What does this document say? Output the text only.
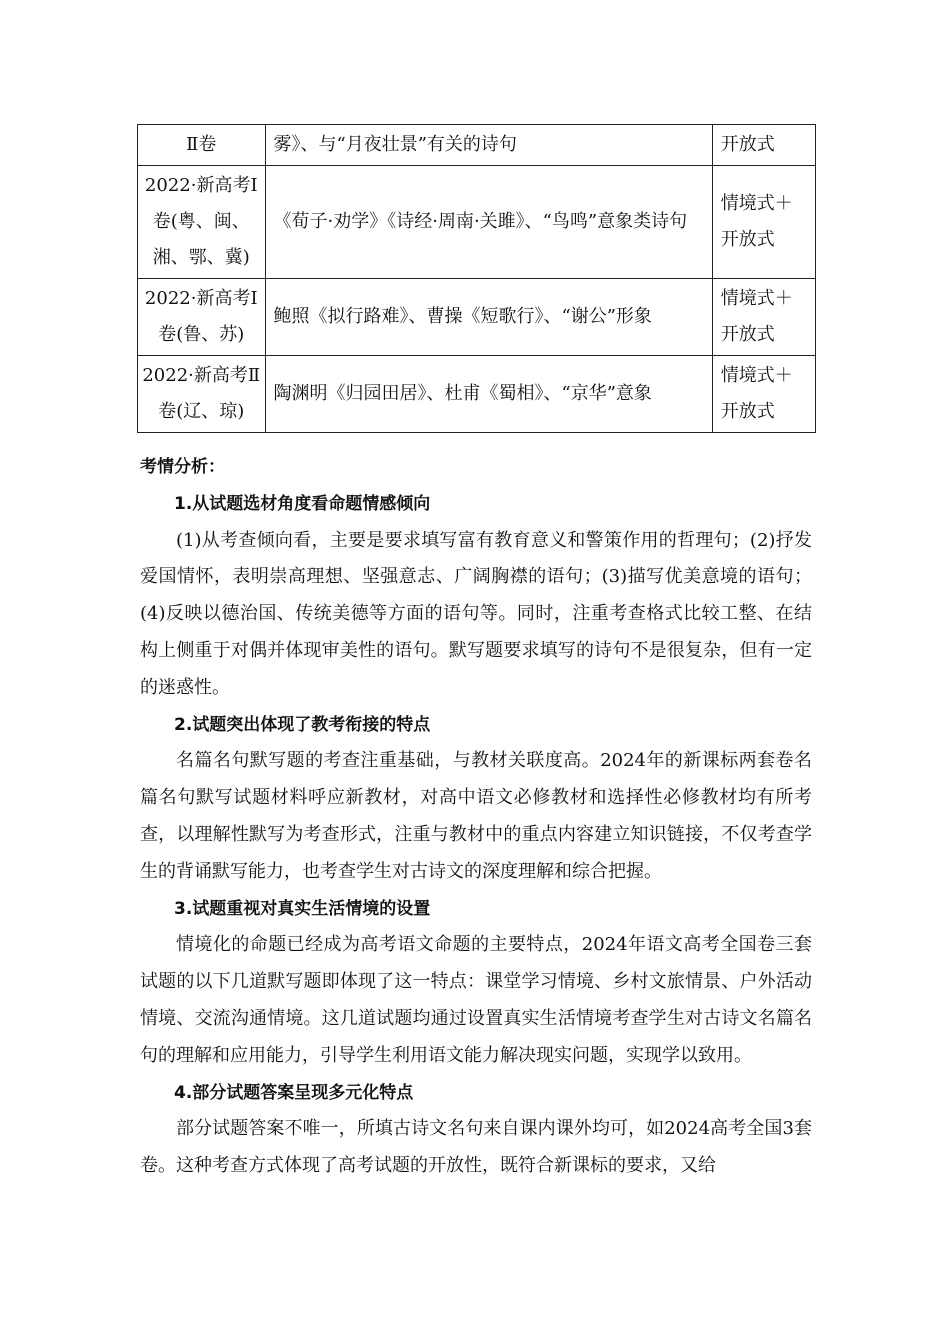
Ⅱ卷	雾》、与“月夜壮景”有关的诗句	开放式
2022·新高考Ⅰ卷(粤、闽、湘、鄂、冀)	《荀子·劝学》《诗经·周南·关雎》、“鸟鸣”意象类诗句	情境式＋开放式
2022·新高考Ⅰ卷(鲁、苏)	鲍照《拟行路难》、曹操《短歌行》、“谢公”形象	情境式＋开放式
2022·新高考Ⅱ卷(辽、琼)	陶渊明《归园田居》、杜甫《蜀相》、“京华”意象	情境式＋开放式

考情分析：

1.从试题选材角度看命题情感倾向

(1)从考查倾向看，主要是要求填写富有教育意义和警策作用的哲理句；(2)抒发爱国情怀，表明崇高理想、坚强意志、广阔胸襟的语句；(3)描写优美意境的语句；(4)反映以德治国、传统美德等方面的语句等。同时，注重考查格式比较工整、在结构上侧重于对偶并体现审美性的语句。默写题要求填写的诗句不是很复杂，但有一定的迷惑性。

2.试题突出体现了教考衔接的特点

名篇名句默写题的考查注重基础，与教材关联度高。2024年的新课标两套卷名篇名句默写试题材料呼应新教材，对高中语文必修教材和选择性必修教材均有所考查，以理解性默写为考查形式，注重与教材中的重点内容建立知识链接，不仅考查学生的背诵默写能力，也考查学生对古诗文的深度理解和综合把握。

3.试题重视对真实生活情境的设置

情境化的命题已经成为高考语文命题的主要特点，2024年语文高考全国卷三套试题的以下几道默写题即体现了这一特点：课堂学习情境、乡村文旅情景、户外活动情境、交流沟通情境。这几道试题均通过设置真实生活情境考查学生对古诗文名篇名句的理解和应用能力，引导学生利用语文能力解决现实问题，实现学以致用。

4.部分试题答案呈现多元化特点

部分试题答案不唯一，所填古诗文名句来自课内课外均可，如2024高考全国3套卷。这种考查方式体现了高考试题的开放性，既符合新课标的要求，又给
